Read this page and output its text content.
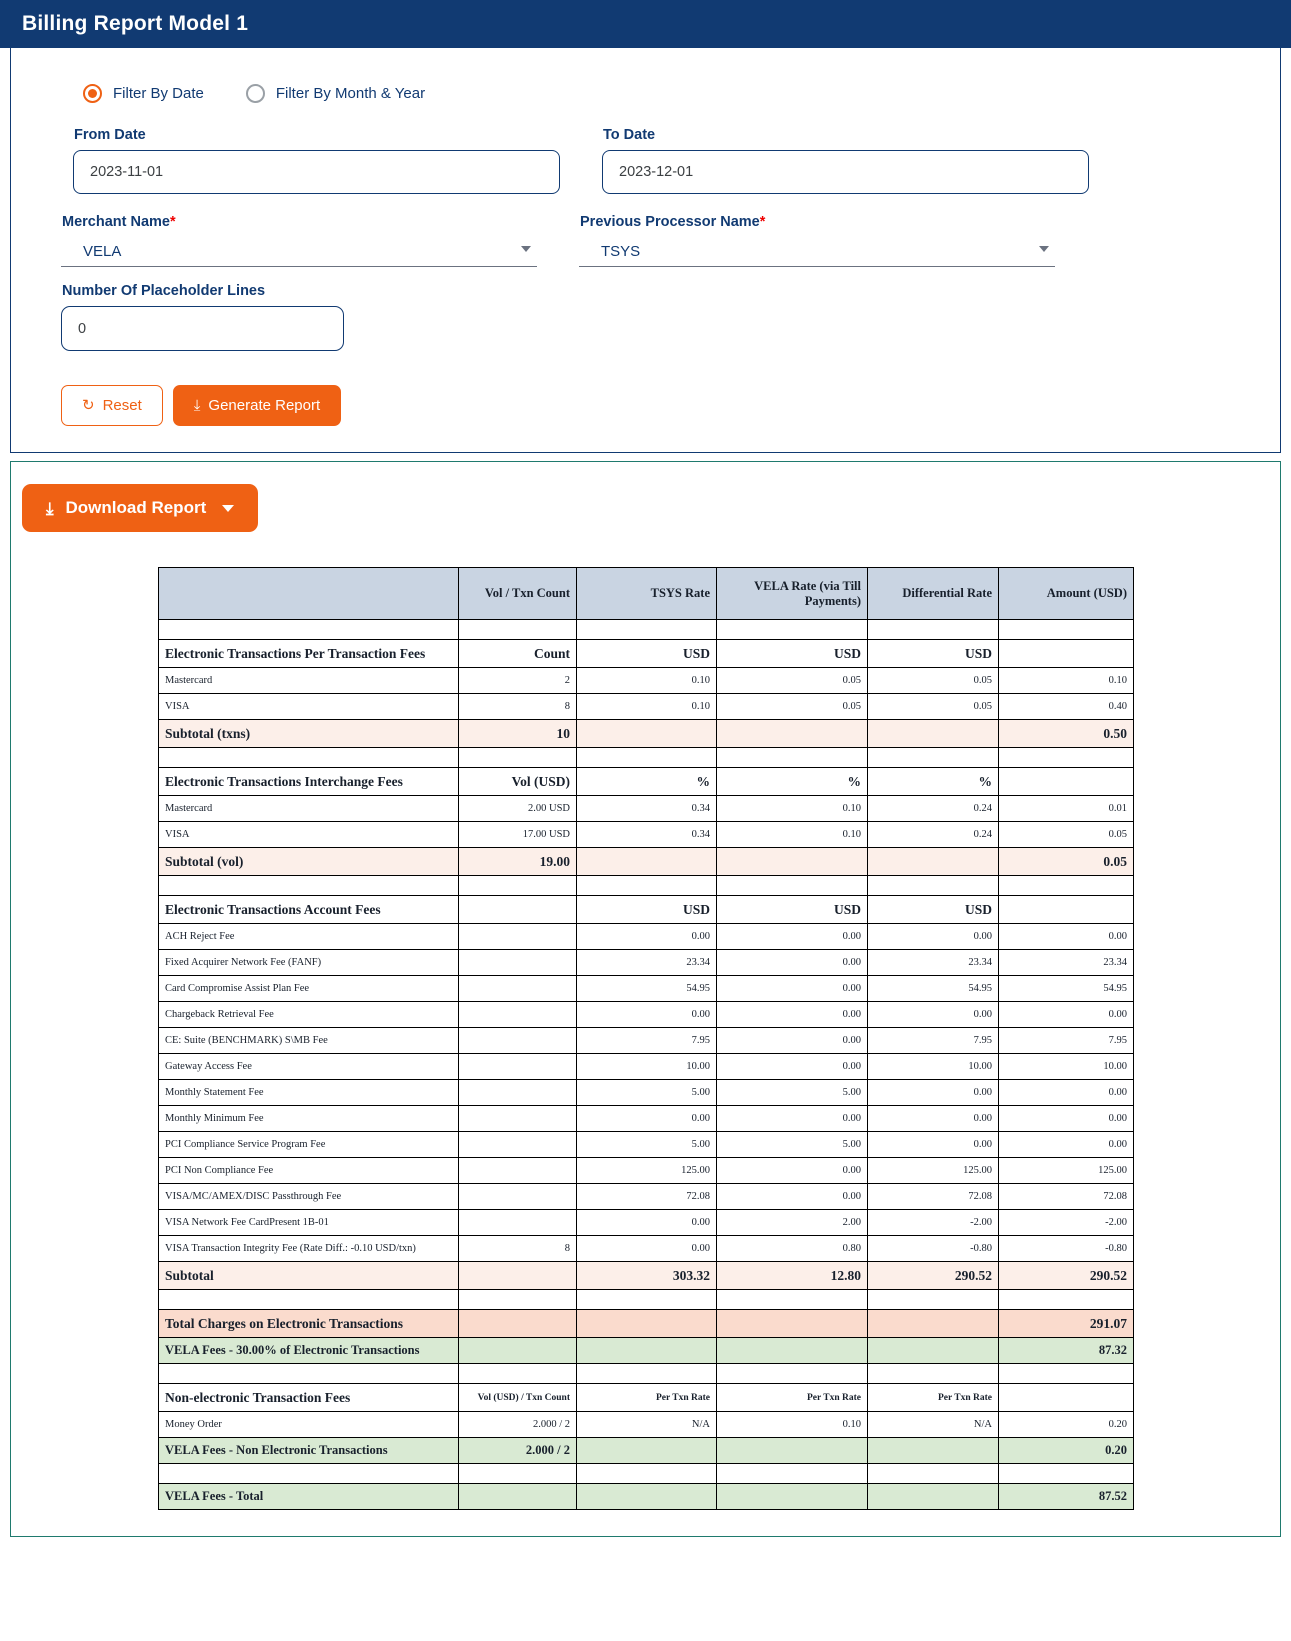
Billing Report Model 1
Filter By Date	Filter By Month & Year
From Date
2023-11-01	To Date
2023-12-01
Merchant Name*
VELA
Previous Processor Name*
TSYS
Number Of Placeholder Lines
0
↻ Reset	⤓ Generate Report
⤓ Download Report
	Vol / Txn Count	TSYS Rate	VELA Rate (via Till Payments)	Differential Rate	Amount (USD)

Electronic Transactions Per Transaction Fees	Count	USD	USD	USD	
Mastercard	2	0.10	0.05	0.05	0.10
VISA	8	0.10	0.05	0.05	0.40
Subtotal (txns)	10				0.50

Electronic Transactions Interchange Fees	Vol (USD)	%	%	%	
Mastercard	2.00 USD	0.34	0.10	0.24	0.01
VISA	17.00 USD	0.34	0.10	0.24	0.05
Subtotal (vol)	19.00				0.05

Electronic Transactions Account Fees		USD	USD	USD	
ACH Reject Fee		0.00	0.00	0.00	0.00
Fixed Acquirer Network Fee (FANF)		23.34	0.00	23.34	23.34
Card Compromise Assist Plan Fee		54.95	0.00	54.95	54.95
Chargeback Retrieval Fee		0.00	0.00	0.00	0.00
CE: Suite (BENCHMARK) S\MB Fee		7.95	0.00	7.95	7.95
Gateway Access Fee		10.00	0.00	10.00	10.00
Monthly Statement Fee		5.00	5.00	0.00	0.00
Monthly Minimum Fee		0.00	0.00	0.00	0.00
PCI Compliance Service Program Fee		5.00	5.00	0.00	0.00
PCI Non Compliance Fee		125.00	0.00	125.00	125.00
VISA/MC/AMEX/DISC Passthrough Fee		72.08	0.00	72.08	72.08
VISA Network Fee CardPresent 1B-01		0.00	2.00	-2.00	-2.00
VISA Transaction Integrity Fee (Rate Diff.: -0.10 USD/txn)	8	0.00	0.80	-0.80	-0.80
Subtotal		303.32	12.80	290.52	290.52

Total Charges on Electronic Transactions					291.07
VELA Fees - 30.00% of Electronic Transactions					87.32

Non-electronic Transaction Fees	Vol (USD) / Txn Count	Per Txn Rate	Per Txn Rate	Per Txn Rate	
Money Order	2.000 / 2	N/A	0.10	N/A	0.20
VELA Fees - Non Electronic Transactions	2.000 / 2				0.20

VELA Fees - Total					87.52
